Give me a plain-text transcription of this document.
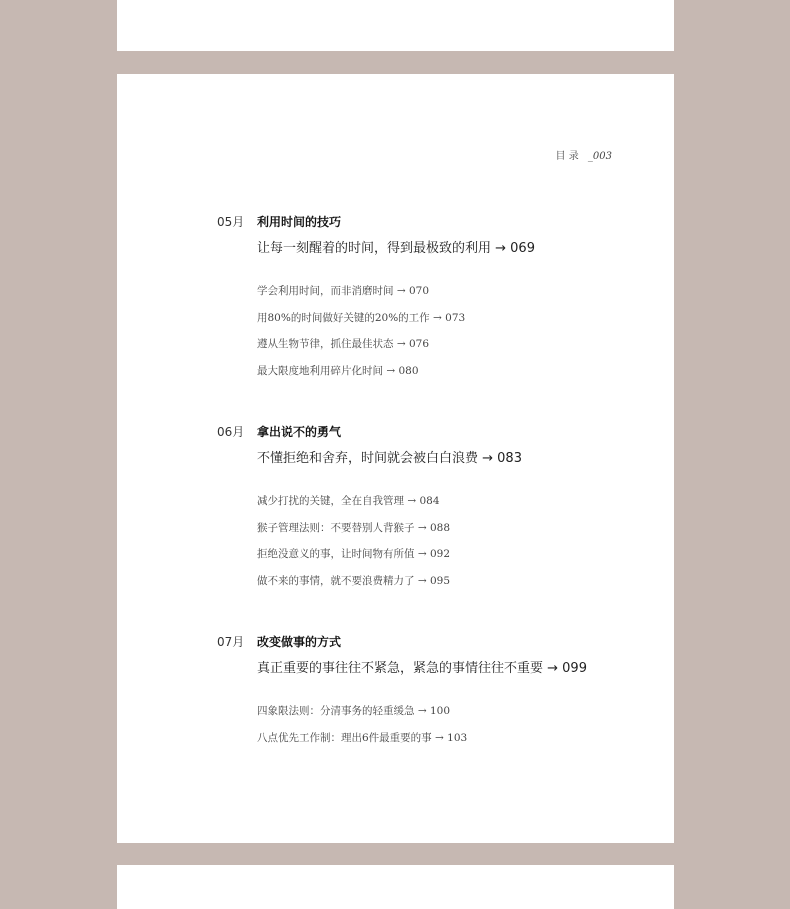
目 录 _003
05月	利用时间的技巧
让每一刻醒着的时间，得到最极致的利用 → 069
学会利用时间，而非消磨时间 → 070
用80%的时间做好关键的20%的工作 → 073
遵从生物节律，抓住最佳状态 → 076
最大限度地利用碎片化时间 → 080
06月	拿出说不的勇气
不懂拒绝和舍弃，时间就会被白白浪费 → 083
减少打扰的关键，全在自我管理 → 084
猴子管理法则：不要替别人背猴子 → 088
拒绝没意义的事，让时间物有所值 → 092
做不来的事情，就不要浪费精力了 → 095
07月	改变做事的方式
真正重要的事往往不紧急，紧急的事情往往不重要 → 099
四象限法则：分清事务的轻重缓急 → 100
八点优先工作制：理出6件最重要的事 → 103
